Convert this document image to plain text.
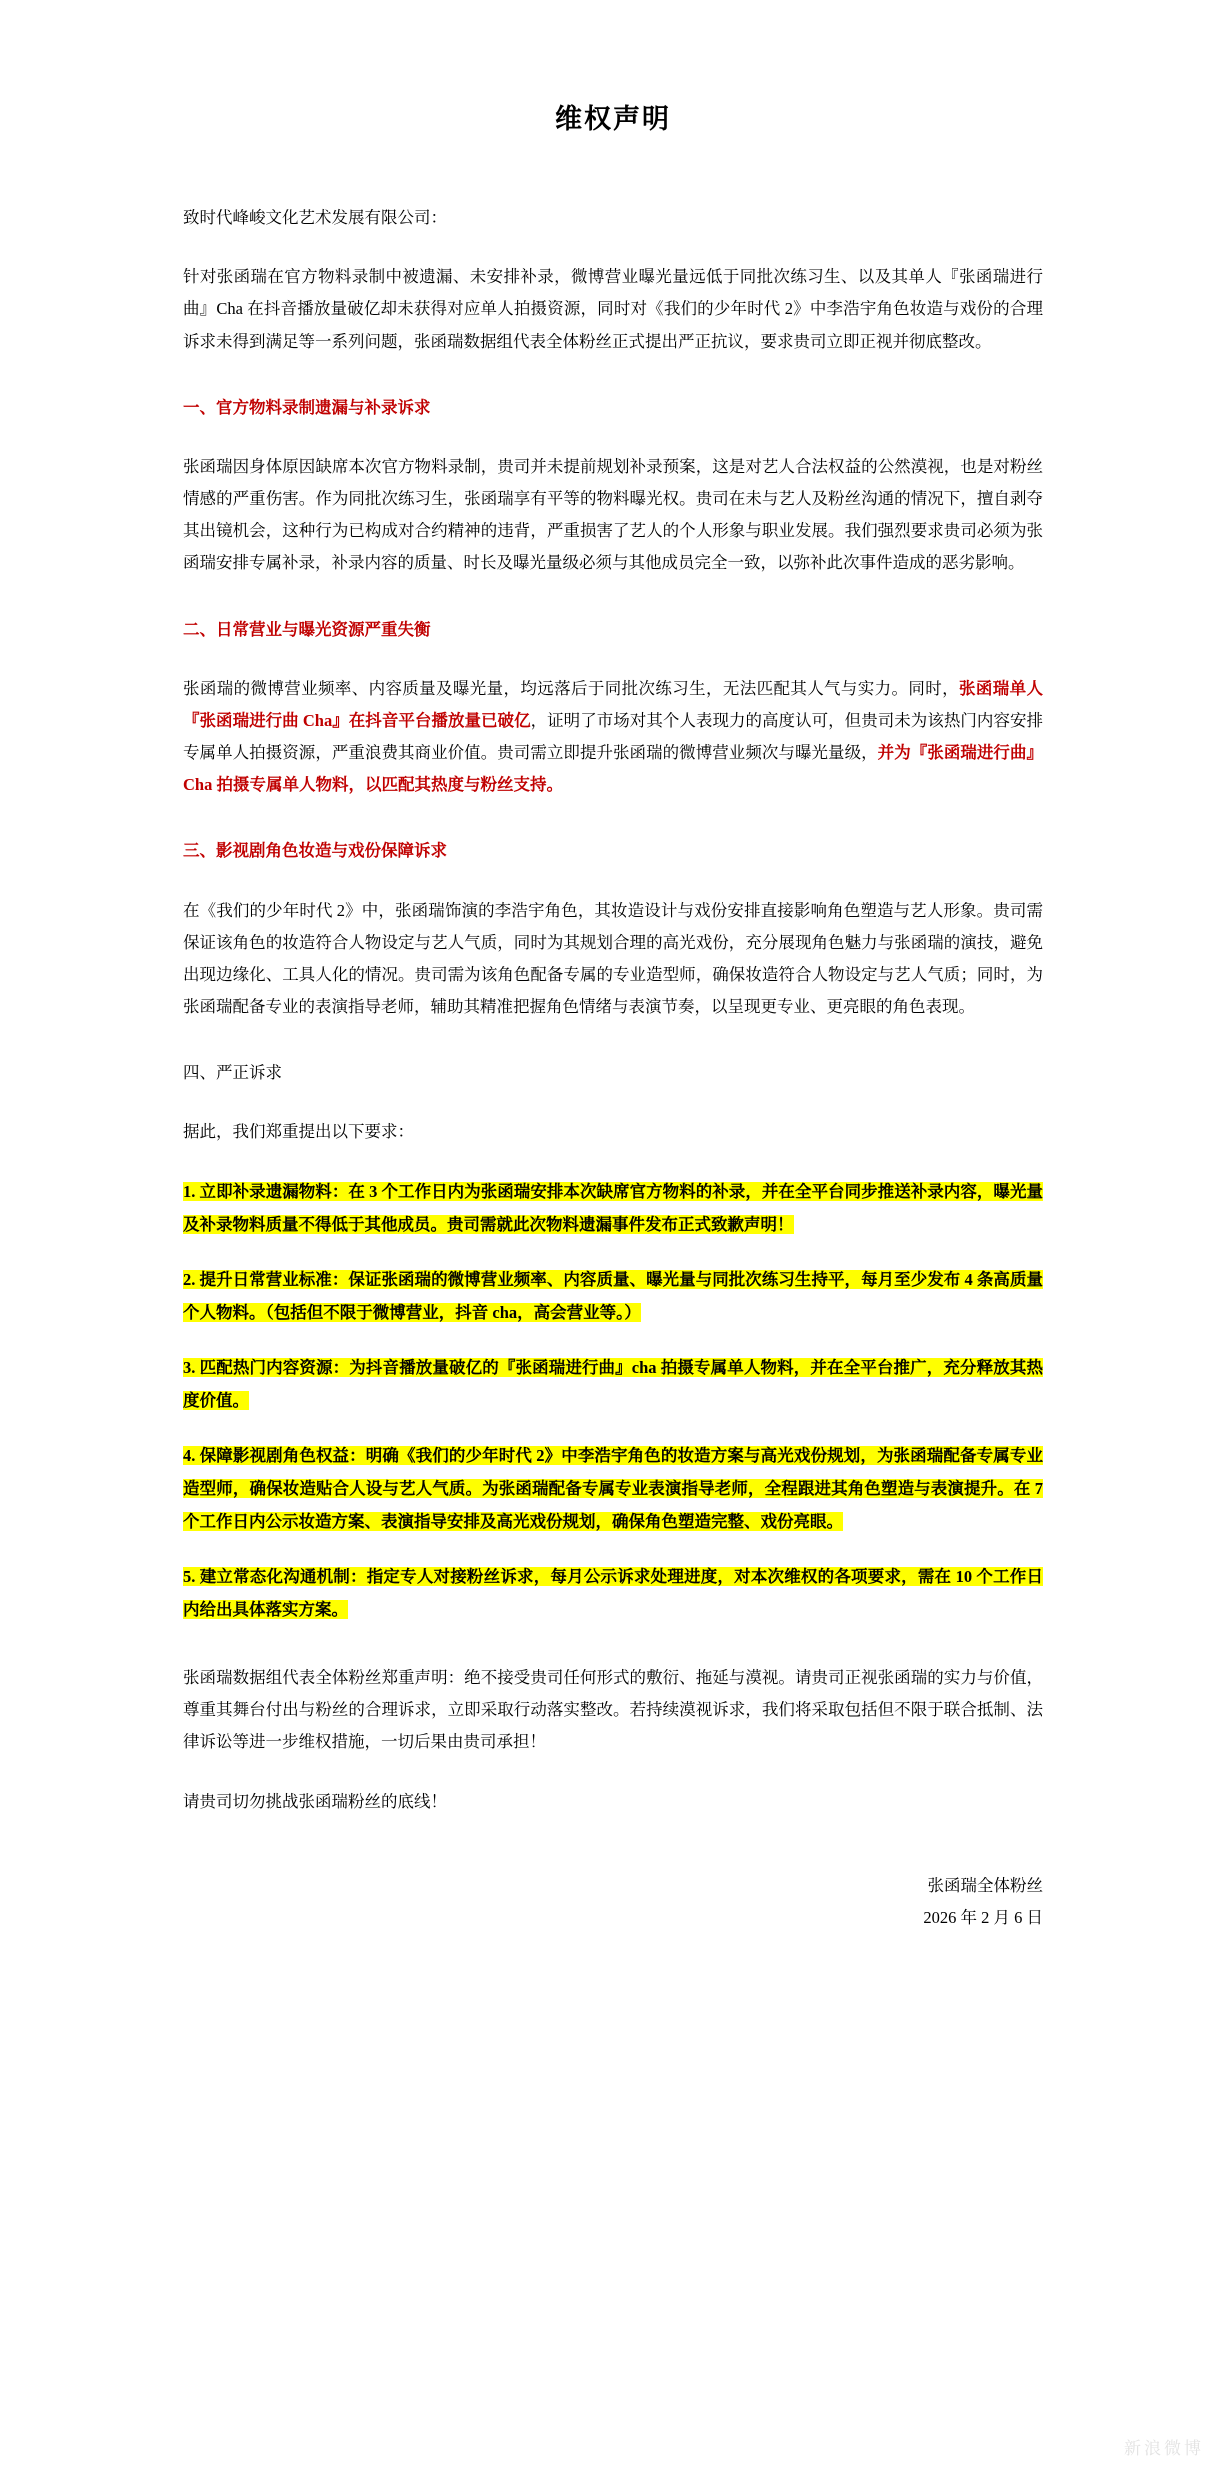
维权声明

致时代峰峻文化艺术发展有限公司：

针对张函瑞在官方物料录制中被遗漏、未安排补录，微博营业曝光量远低于同批次练习生、以及其单人『张函瑞进行曲』Cha 在抖音播放量破亿却未获得对应单人拍摄资源，同时对《我们的少年时代 2》中李浩宇角色妆造与戏份的合理诉求未得到满足等一系列问题，张函瑞数据组代表全体粉丝正式提出严正抗议，要求贵司立即正视并彻底整改。

一、官方物料录制遗漏与补录诉求

张函瑞因身体原因缺席本次官方物料录制，贵司并未提前规划补录预案，这是对艺人合法权益的公然漠视，也是对粉丝情感的严重伤害。作为同批次练习生，张函瑞享有平等的物料曝光权。贵司在未与艺人及粉丝沟通的情况下，擅自剥夺其出镜机会，这种行为已构成对合约精神的违背，严重损害了艺人的个人形象与职业发展。我们强烈要求贵司必须为张函瑞安排专属补录，补录内容的质量、时长及曝光量级必须与其他成员完全一致，以弥补此次事件造成的恶劣影响。

二、日常营业与曝光资源严重失衡

张函瑞的微博营业频率、内容质量及曝光量，均远落后于同批次练习生，无法匹配其人气与实力。同时，张函瑞单人『张函瑞进行曲 Cha』在抖音平台播放量已破亿，证明了市场对其个人表现力的高度认可，但贵司未为该热门内容安排专属单人拍摄资源，严重浪费其商业价值。贵司需立即提升张函瑞的微博营业频次与曝光量级，并为『张函瑞进行曲』Cha 拍摄专属单人物料，以匹配其热度与粉丝支持。

三、影视剧角色妆造与戏份保障诉求

在《我们的少年时代 2》中，张函瑞饰演的李浩宇角色，其妆造设计与戏份安排直接影响角色塑造与艺人形象。贵司需保证该角色的妆造符合人物设定与艺人气质，同时为其规划合理的高光戏份，充分展现角色魅力与张函瑞的演技，避免出现边缘化、工具人化的情况。贵司需为该角色配备专属的专业造型师，确保妆造符合人物设定与艺人气质；同时，为张函瑞配备专业的表演指导老师，辅助其精准把握角色情绪与表演节奏，以呈现更专业、更亮眼的角色表现。

四、严正诉求

据此，我们郑重提出以下要求：

1. 立即补录遗漏物料：在 3 个工作日内为张函瑞安排本次缺席官方物料的补录，并在全平台同步推送补录内容，曝光量及补录物料质量不得低于其他成员。贵司需就此次物料遗漏事件发布正式致歉声明！
2. 提升日常营业标准：保证张函瑞的微博营业频率、内容质量、曝光量与同批次练习生持平，每月至少发布 4 条高质量个人物料。（包括但不限于微博营业，抖音 cha，高会营业等。）
3. 匹配热门内容资源：为抖音播放量破亿的『张函瑞进行曲』cha 拍摄专属单人物料，并在全平台推广，充分释放其热度价值。
4. 保障影视剧角色权益：明确《我们的少年时代 2》中李浩宇角色的妆造方案与高光戏份规划，为张函瑞配备专属专业造型师，确保妆造贴合人设与艺人气质。为张函瑞配备专属专业表演指导老师，全程跟进其角色塑造与表演提升。在 7 个工作日内公示妆造方案、表演指导安排及高光戏份规划，确保角色塑造完整、戏份亮眼。
5. 建立常态化沟通机制：指定专人对接粉丝诉求，每月公示诉求处理进度，对本次维权的各项要求，需在 10 个工作日内给出具体落实方案。

张函瑞数据组代表全体粉丝郑重声明：绝不接受贵司任何形式的敷衍、拖延与漠视。请贵司正视张函瑞的实力与价值，尊重其舞台付出与粉丝的合理诉求，立即采取行动落实整改。若持续漠视诉求，我们将采取包括但不限于联合抵制、法律诉讼等进一步维权措施，一切后果由贵司承担！

请贵司切勿挑战张函瑞粉丝的底线！

张函瑞全体粉丝
2026 年 2 月 6 日
新浪微博
